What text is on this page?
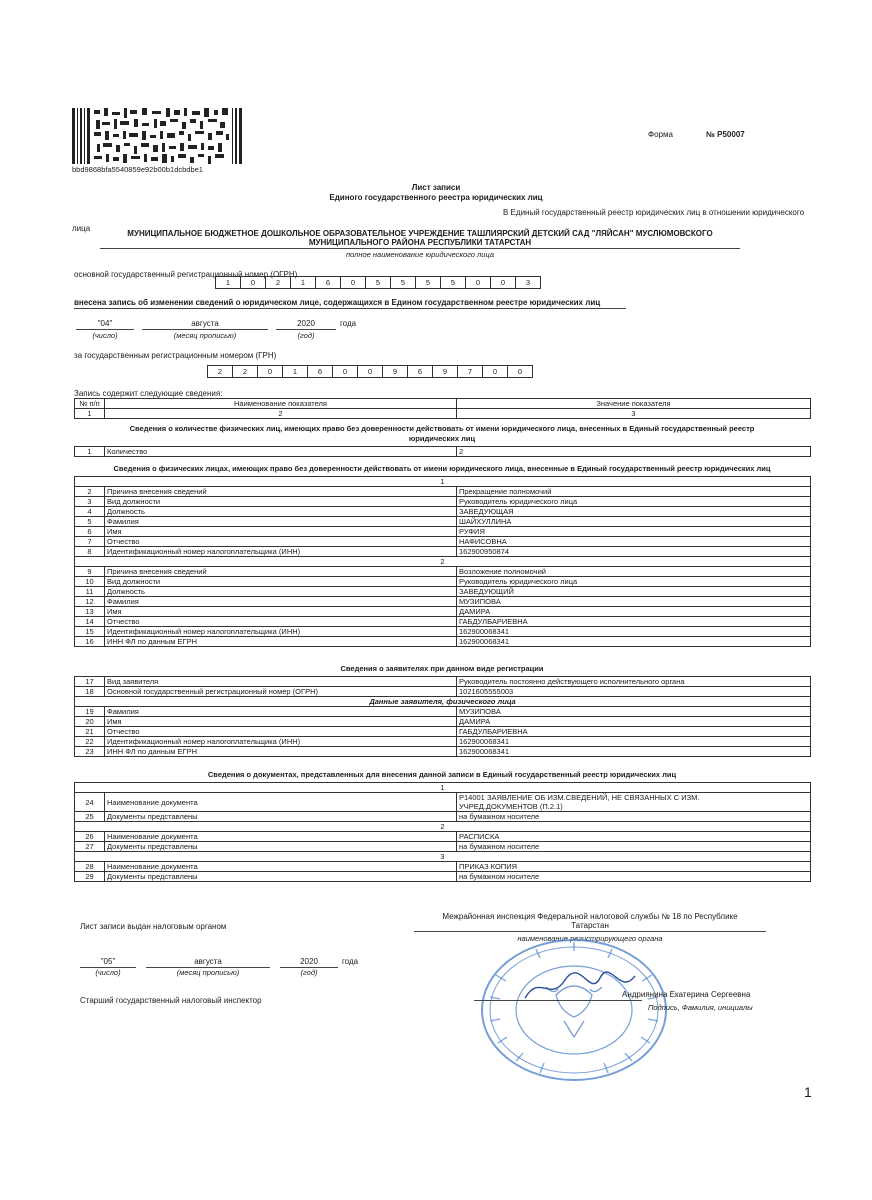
bbd9868bfa5540859e92b00b1dcbdbe1
Форма	№ Р50007
Лист записи
Единого государственного реестра юридических лиц
В Единый государственный реестр юридических лиц в отношении юридического
лица
МУНИЦИПАЛЬНОЕ БЮДЖЕТНОЕ ДОШКОЛЬНОЕ ОБРАЗОВАТЕЛЬНОЕ УЧРЕЖДЕНИЕ ТАШЛИЯРСКИЙ ДЕТСКИЙ САД "ЛЯЙСАН" МУСЛЮМОВСКОГО
МУНИЦИПАЛЬНОГО РАЙОНА РЕСПУБЛИКИ ТАТАРСТАН
полное наименование юридического лица
основной государственный регистрационный номер (ОГРН)
1	0	2	1	6	0	5	5	5	5	0	0	3
внесена запись об изменении сведений о юридическом лице, содержащихся в Едином государственном реестре юридических лиц
"04"	августа	2020	года
(число)	(месяц прописью)	(год)
за государственным регистрационным номером (ГРН)
2	2	0	1	6	0	0	9	6	9	7	0	0
Запись содержит следующие сведения:
№ п/п	Наименование показателя	Значение показателя
1	2	3
Сведения о количестве физических лиц, имеющих право без доверенности действовать от имени юридического лица, внесенных в Единый государственный реестр
юридических лиц
1	Количество	2
Сведения о физических лицах, имеющих право без доверенности действовать от имени юридического лица, внесенные в Единый государственный реестр юридических лиц
1		
2	Причина внесения сведений	Прекращение полномочий
3	Вид должности	Руководитель юридического лица
4	Должность	ЗАВЕДУЮЩАЯ
5	Фамилия	ШАЙХУЛЛИНА
6	Имя	РУФИЯ
7	Отчество	НАФИСОВНА
8	Идентификационный номер налогоплательщика (ИНН)	162900950874
2		
9	Причина внесения сведений	Возложение полномочий
10	Вид должности	Руководитель юридического лица
11	Должность	ЗАВЕДУЮЩИЙ
12	Фамилия	МУЗИПОВА
13	Имя	ДАМИРА
14	Отчество	ГАБДУЛБАРИЕВНА
15	Идентификационный номер налогоплательщика (ИНН)	162900068341
16	ИНН ФЛ по данным ЕГРН	162900068341
Сведения о заявителях при данном виде регистрации
17	Вид заявителя	Руководитель постоянно действующего исполнительного органа
18	Основной государственный регистрационный номер (ОГРН)	1021605555003
Данные заявителя, физического лица		
19	Фамилия	МУЗИПОВА
20	Имя	ДАМИРА
21	Отчество	ГАБДУЛБАРИЕВНА
22	Идентификационный номер налогоплательщика (ИНН)	162900068341
23	ИНН ФЛ по данным ЕГРН	162900068341
Сведения о документах, представленных для внесения данной записи в Единый государственный реестр юридических лиц
1		
24	Наименование документа	Р14001 ЗАЯВЛЕНИЕ ОБ ИЗМ.СВЕДЕНИЙ, НЕ СВЯЗАННЫХ С ИЗМ.
УЧРЕД.ДОКУМЕНТОВ (П.2.1)

25	Документы представлены	на бумажном носителе
2		
26	Наименование документа	РАСПИСКА
27	Документы представлены	на бумажном носителе
3		
28	Наименование документа	ПРИКАЗ КОПИЯ
29	Документы представлены	на бумажном носителе
Лист записи выдан налоговым органом
Межрайонная инспекция Федеральной налоговой службы № 18 по Республике
Татарстан
наименование регистрирующего органа
"05"	августа	2020	года
(число)	(месяц прописью)	(год)
Старший государственный налоговый инспектор
Андриянина Екатерина Сергеевна
Подпись, Фамилия, инициалы
1
